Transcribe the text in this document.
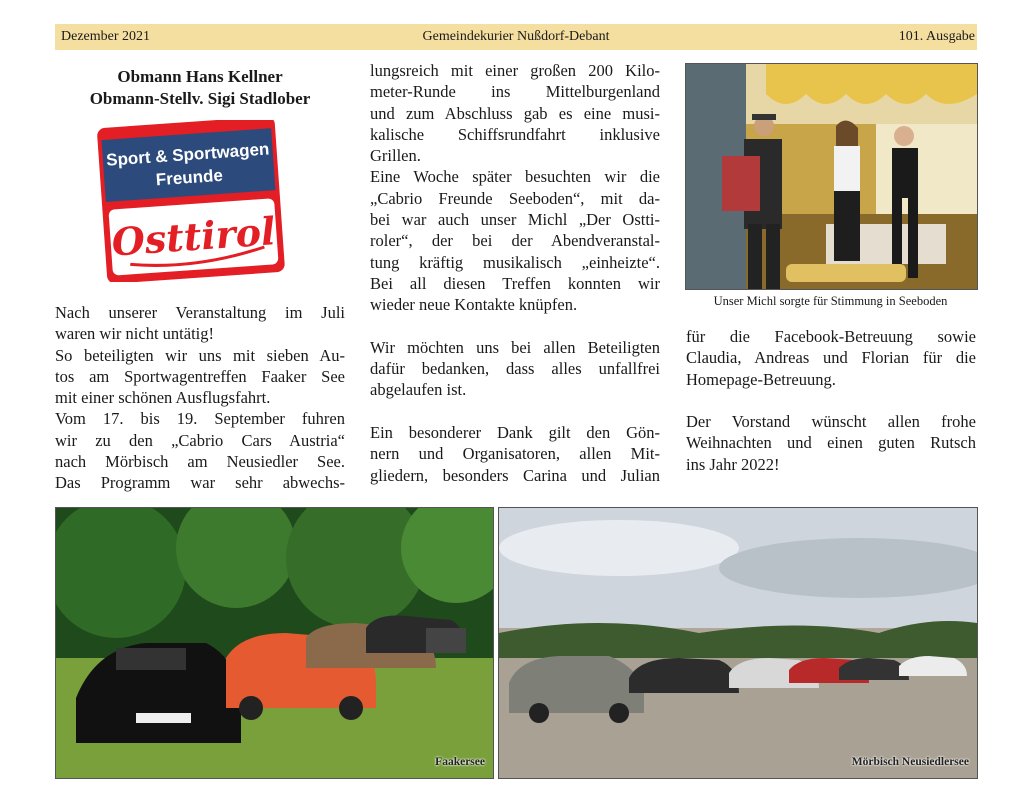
Dezember 2021	Gemeindekurier Nußdorf-Debant	101. Ausgabe
Obmann Hans Kellner
Obmann-Stellv. Sigi Stadlober
Sport & Sportwagen
Freunde
Osttirol

Nach unserer Veranstaltung im Juli

waren wir nicht untätig!

So beteiligten wir uns mit sieben Au-

tos am Sportwagentreffen Faaker See

mit einer schönen Ausflugsfahrt.

Vom 17. bis 19. September fuhren

wir zu den „Cabrio Cars Austria“

nach Mörbisch am Neusiedler See.

Das Programm war sehr abwechs-

lungsreich mit einer großen 200 Kilo-

meter-Runde ins Mittelburgenland

und zum Abschluss gab es eine musi-

kalische Schiffsrundfahrt inklusive

Grillen.

Eine Woche später besuchten wir die

„Cabrio Freunde Seeboden“, mit da-

bei war auch unser Michl „Der Ostti-

roler“, der bei der Abendveranstal-

tung kräftig musikalisch „einheizte“.

Bei all diesen Treffen konnten wir

wieder neue Kontakte knüpfen.

Wir möchten uns bei allen Beteiligten

dafür bedanken, dass alles unfallfrei

abgelaufen ist.

Ein besonderer Dank gilt den Gön-

nern und Organisatoren, allen Mit-

gliedern, besonders Carina und Julian

Unser Michl sorgte für Stimmung in Seeboden

für die Facebook-Betreuung sowie

Claudia, Andreas und Florian für die

Homepage-Betreuung.

Der Vorstand wünscht allen frohe

Weihnachten und einen guten Rutsch

ins Jahr 2022!

Faakersee	Mörbisch Neusiedlersee
